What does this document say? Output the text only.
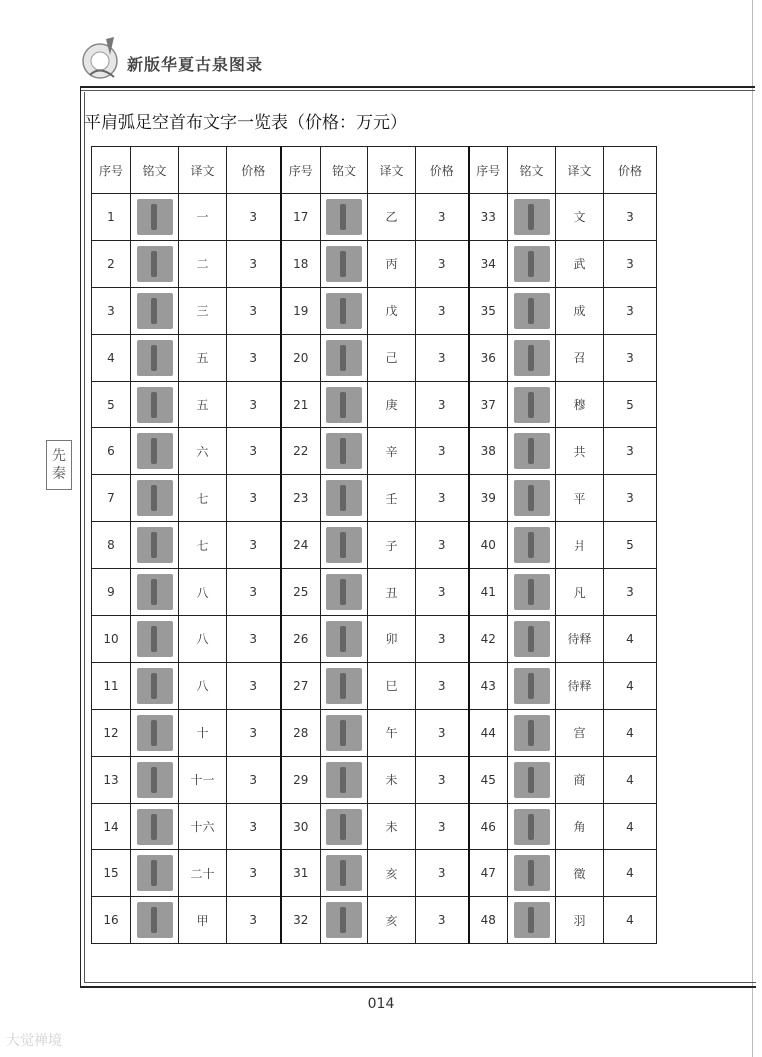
新版华夏古泉图录
先
秦
平肩弧足空首布文字一览表（价格：万元）
序号	铭文	译文	价格	序号	铭文	译文	价格	序号	铭文	译文	价格
1		一	3	17		乙	3	33		文	3
2		二	3	18		丙	3	34		武	3
3		三	3	19		戊	3	35		成	3
4		五	3	20		己	3	36		召	3
5		五	3	21		庚	3	37		穆	5
6		六	3	22		辛	3	38		共	3
7		七	3	23		壬	3	39		平	3
8		七	3	24		子	3	40		爿	5
9		八	3	25		丑	3	41		凡	3
10		八	3	26		卯	3	42		待释	4
11		八	3	27		巳	3	43		待释	4
12		十	3	28		午	3	44		宫	4
13		十一	3	29		未	3	45		商	4
14		十六	3	30		未	3	46		角	4
15		二十	3	31		亥	3	47		徵	4
16		甲	3	32		亥	3	48		羽	4
014
大觉禅境
